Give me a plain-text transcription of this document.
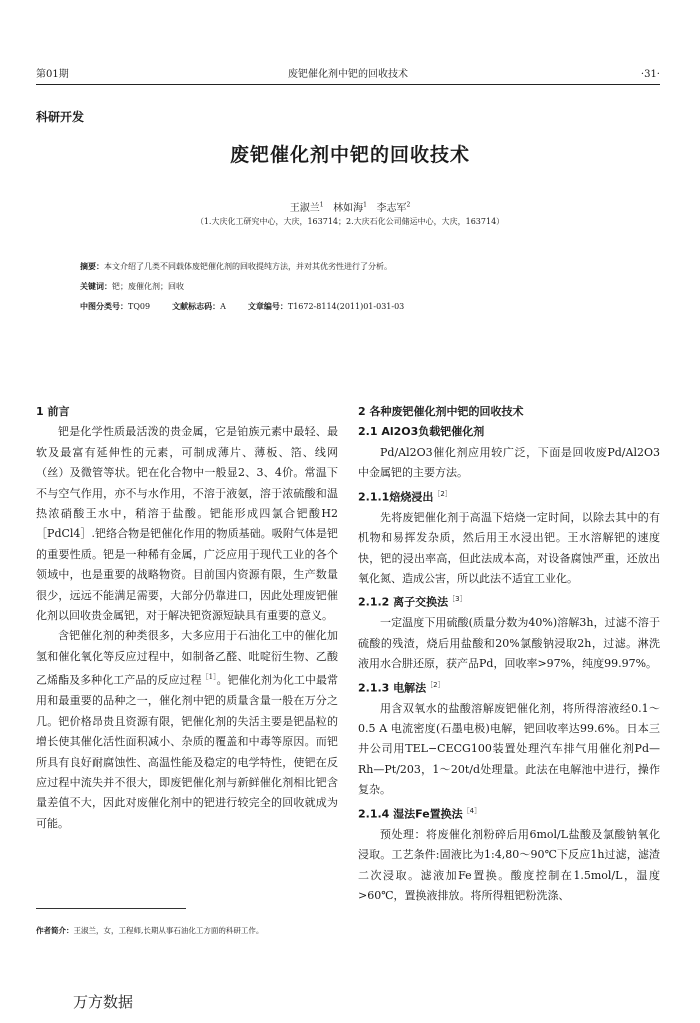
第01期	废钯催化剂中钯的回收技术	·31·
科研开发
废钯催化剂中钯的回收技术
王淑兰$^1$ 林如海$^1$ 李志军$^2$
（1.大庆化工研究中心，大庆，163714；2.大庆石化公司储运中心，大庆，163714）
摘要：本文介绍了几类不同载体废钯催化剂的回收提纯方法，并对其优劣性进行了分析。
关键词：钯；废催化剂；回收
中图分类号：TQ09	文献标志码：A	文章编号：T1672-8114(2011)01-031-03
1 前言

钯是化学性质最活泼的贵金属，它是铂族元素中最轻、最软及最富有延伸性的元素，可制成薄片、薄板、箔、线网（丝）及微管等状。钯在化合物中一般显2、3、4价。常温下不与空气作用，亦不与水作用，不溶于液氨，溶于浓硫酸和温热浓硝酸王水中，稍溶于盐酸。钯能形成四氯合钯酸H2［PdCl4］.钯络合物是钯催化作用的物质基础。吸附气体是钯的重要性质。钯是一种稀有金属，广泛应用于现代工业的各个领域中，也是重要的战略物资。目前国内资源有限，生产数量很少，远远不能满足需要，大部分仍靠进口，因此处理废钯催化剂以回收贵金属钯，对于解决钯资源短缺具有重要的意义。

含钯催化剂的种类很多，大多应用于石油化工中的催化加氢和催化氧化等反应过程中，如制备乙醛、吡啶衍生物、乙酸乙烯酯及多种化工产品的反应过程$^{[1]}$。钯催化剂为化工中最常用和最重要的品种之一，催化剂中钯的质量含量一般在万分之几。钯价格昂贵且资源有限，钯催化剂的失活主要是钯晶粒的增长使其催化活性面积减小、杂质的覆盖和中毒等原因。而钯所具有良好耐腐蚀性、高温性能及稳定的电学特性，使钯在反应过程中流失并不很大，即废钯催化剂与新鲜催化剂相比钯含量差值不大，因此对废催化剂中的钯进行较完全的回收就成为可能。

2 各种废钯催化剂中钯的回收技术
2.1 Al2O3负载钯催化剂

Pd/Al2O3催化剂应用较广泛，下面是回收废Pd/Al2O3中金属钯的主要方法。

2.1.1焙烧浸出$^{[2]}$

先将废钯催化剂于高温下焙烧一定时间，以除去其中的有机物和易挥发杂质，然后用王水浸出钯。王水溶解钯的速度快，钯的浸出率高，但此法成本高，对设备腐蚀严重，还放出氧化氮、造成公害，所以此法不适宜工业化。

2.1.2 离子交换法$^{[3]}$

一定温度下用硫酸(质量分数为40%)溶解3h，过滤不溶于硫酸的残渣，烧后用盐酸和20%氯酸钠浸取2h，过滤。淋洗液用水合肼还原，获产品Pd，回收率>97%，纯度99.97%。

2.1.3 电解法$^{[2]}$

用含双氧水的盐酸溶解废钯催化剂，将所得溶液经0.1～0.5 A 电流密度(石墨电极)电解，钯回收率达99.6%。日本三井公司用TEL−CECG100装置处理汽车排气用催化剂Pd—Rh—Pt/203，1～20t/d处理量。此法在电解池中进行，操作复杂。

2.1.4 湿法Fe置换法$^{[4]}$

预处理：将废催化剂粉碎后用6mol/L盐酸及氯酸钠氧化浸取。工艺条件:固液比为1:4,80～90℃下反应1h过滤，滤渣二次浸取。滤液加Fe置换。酸度控制在1.5mol/L，温度>60℃，置换液排放。将所得粗钯粉洗涤、

作者简介：王淑兰，女，工程师,长期从事石油化工方面的科研工作。
万方数据
